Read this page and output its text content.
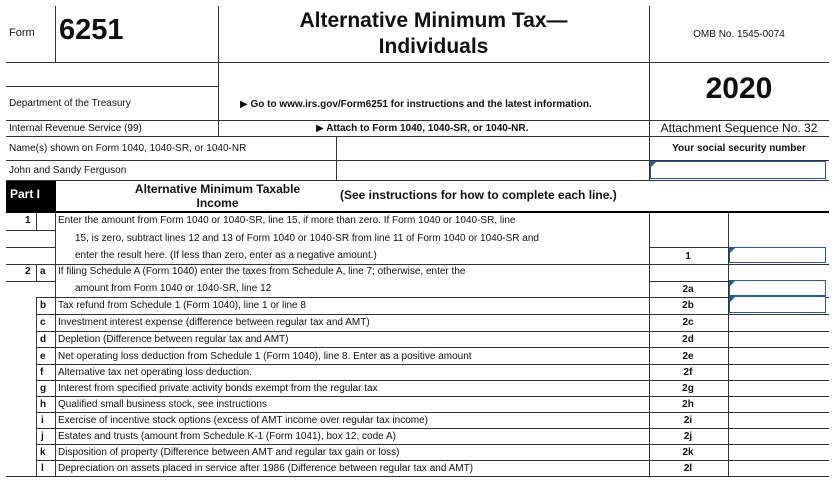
Form 6251	Alternative Minimum Tax—
Individuals
OMB No. 1545-0074
2020
Department of the Treasury	▶ Go to www.irs.gov/Form6251 for instructions and the latest information.
Internal Revenue Service (99)	▶ Attach to Form 1040, 1040-SR, or 1040-NR.	Attachment Sequence No. 32
Name(s) shown on Form 1040, 1040-SR, or 1040-NR	Your social security number
John and Sandy Ferguson
Part I	Alternative Minimum Taxable
Income
(See instructions for how to complete each line.)
1	Enter the amount from Form 1040 or 1040-SR, line 15, if more than zero. If Form 1040 or 1040-SR, line
15, is zero, subtract lines 12 and 13 of Form 1040 or 1040-SR from line 11 of Form 1040 or 1040-SR and
enter the result here. (If less than zero, enter as a negative amount.)	1
2 a If filing Schedule A (Form 1040) enter the taxes from Schedule A, line 7; otherwise, enter the
amount from Form 1040 or 1040-SR, line 12	2a
b Tax refund from Schedule 1 (Form 1040), line 1 or line 8	2b
c Investment interest expense (difference between regular tax and AMT)	2c
d Depletion (Difference between regular tax and AMT)	2d
e Net operating loss deduction from Schedule 1 (Form 1040), line 8. Enter as a positive amount	2e
f Alternative tax net operating loss deduction.	2f
g Interest from specified private activity bonds exempt from the regular tax	2g
h Qualified small business stock, see instructions	2h
i Exercise of incentive stock options (excess of AMT income over regular tax income)	2i
j Estates and trusts (amount from Schedule K-1 (Form 1041), box 12, code A)	2j
k Disposition of property (Difference between AMT and regular tax gain or loss)	2k
l Depreciation on assets placed in service after 1986 (Difference between regular tax and AMT)	2l
